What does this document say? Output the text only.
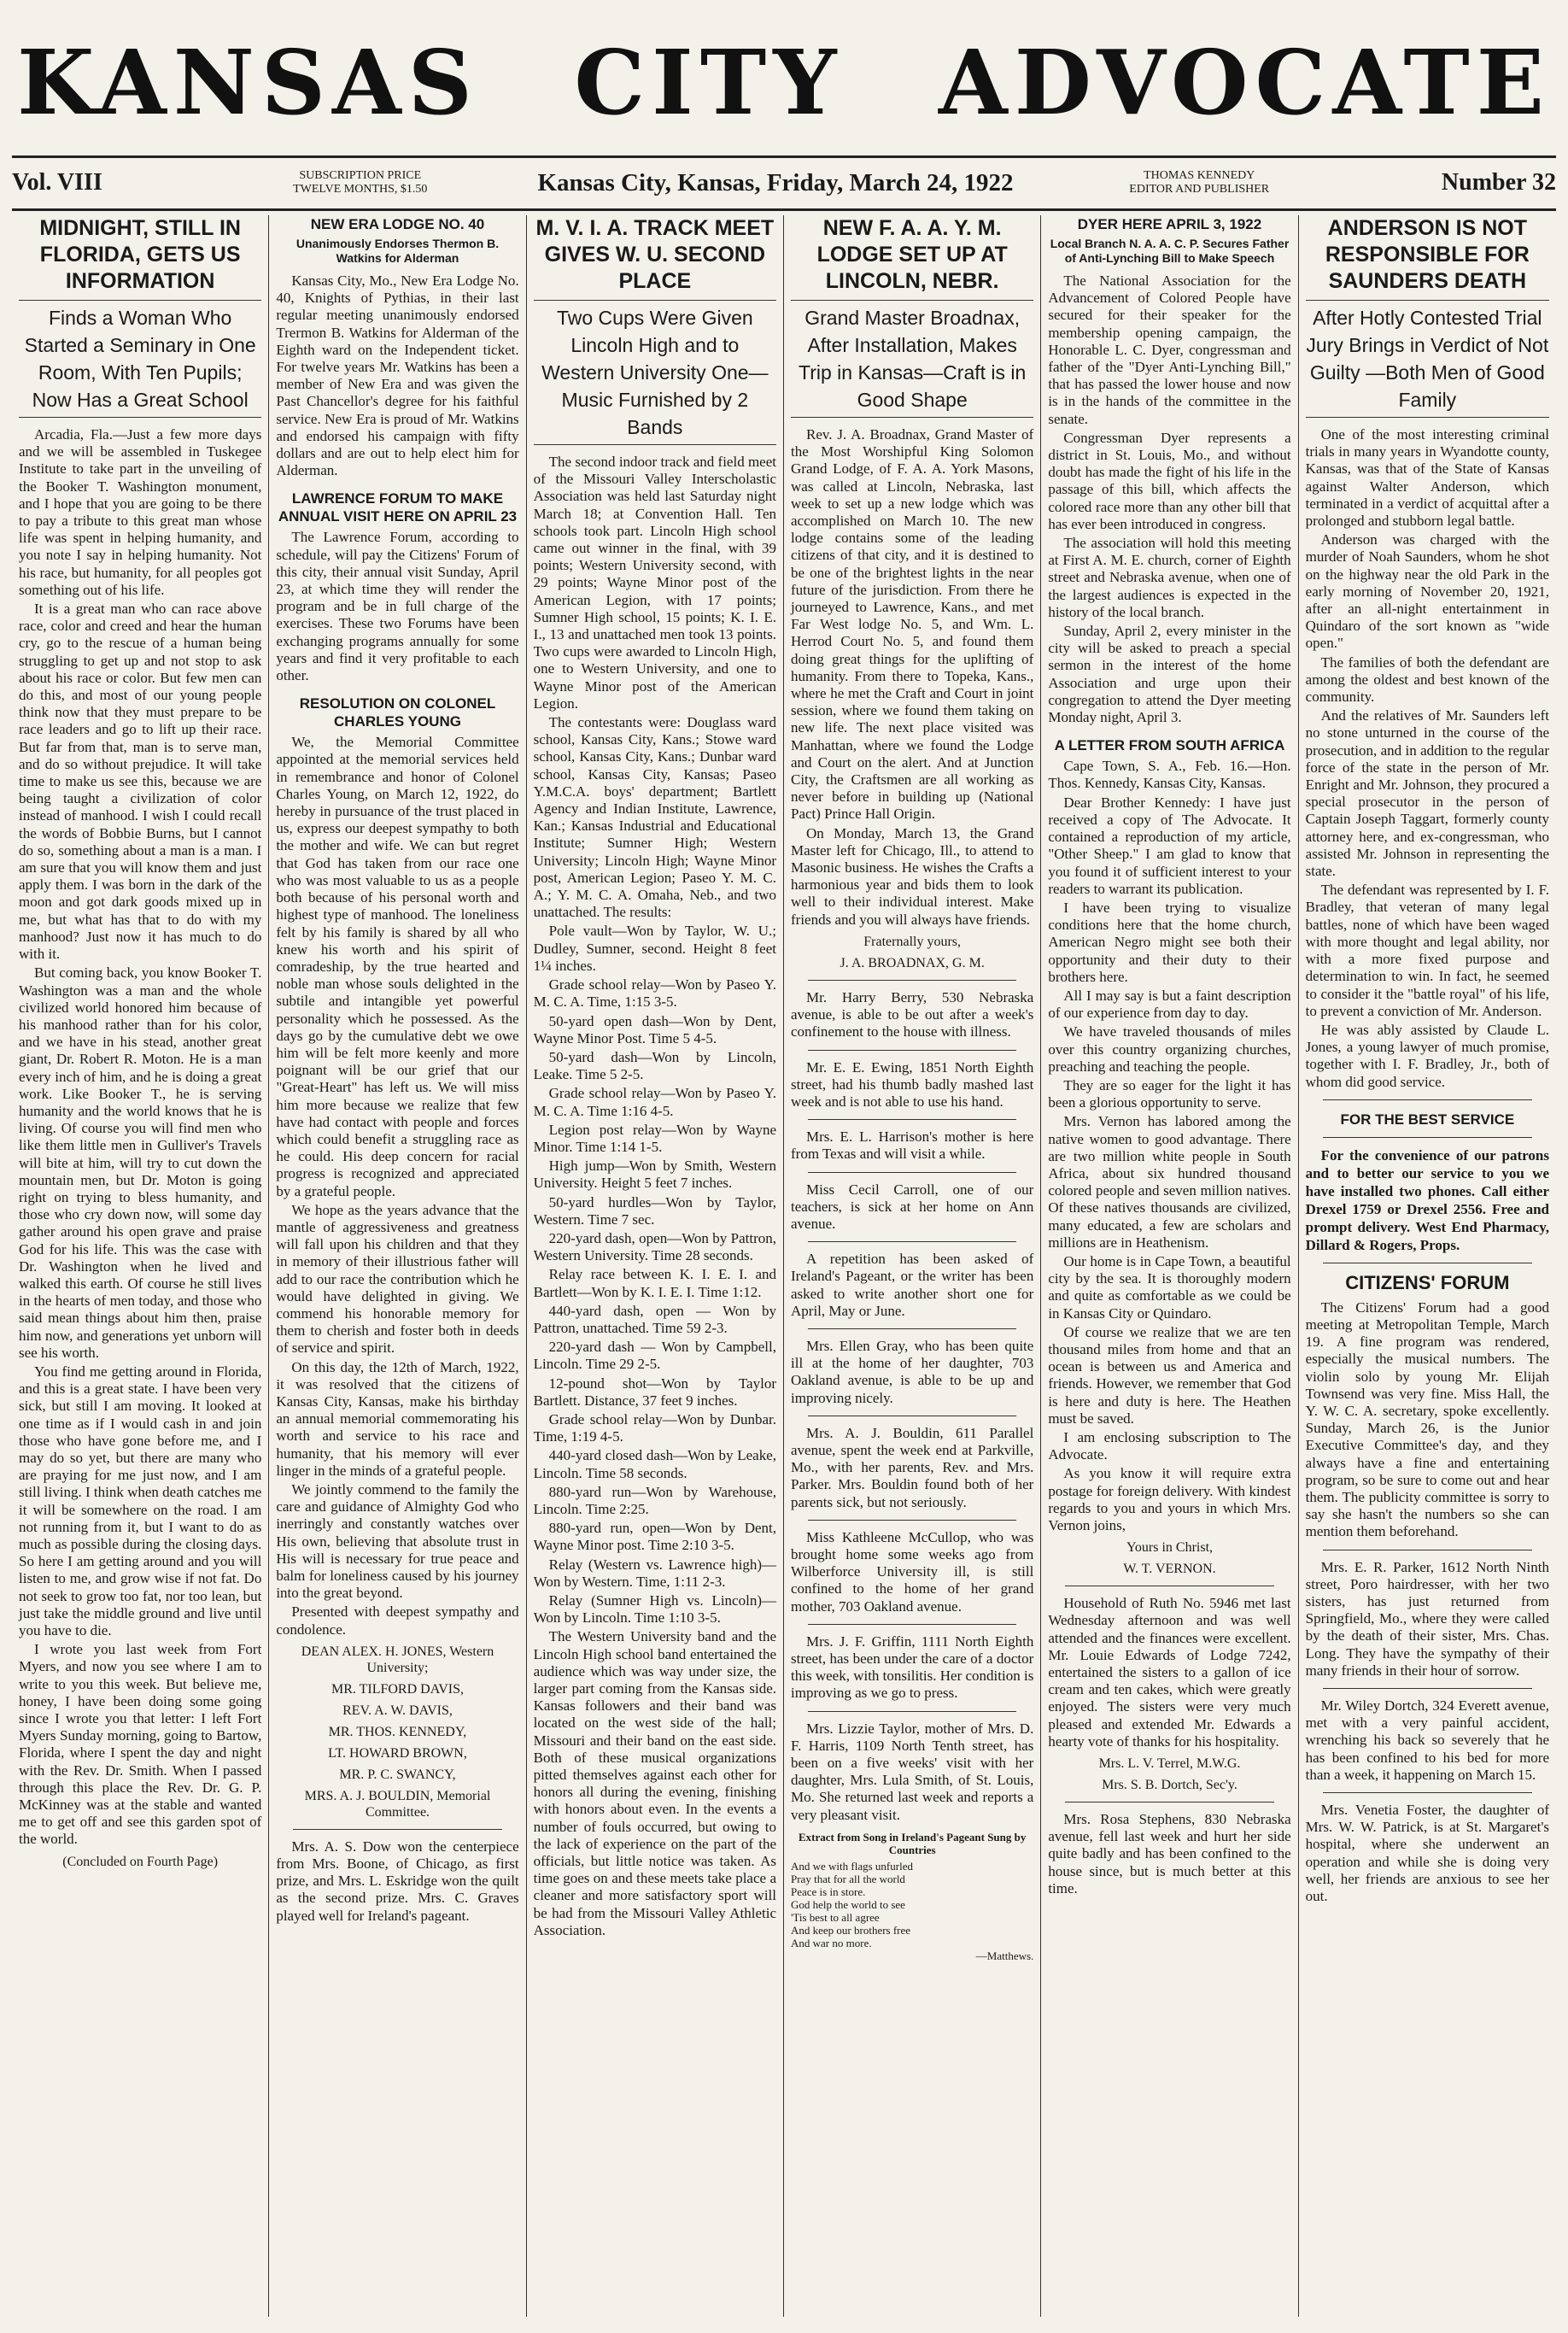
KANSAS CITY ADVOCATE
Vol. VIII	SUBSCRIPTION PRICE
TWELVE MONTHS, $1.50	Kansas City, Kansas, Friday, March 24, 1922	THOMAS KENNEDY
EDITOR AND PUBLISHER	Number 32
MIDNIGHT, STILL IN FLORIDA, GETS US INFORMATION
Finds a Woman Who Started a Seminary in One Room, With Ten Pupils; Now Has a Great School

Arcadia, Fla.—Just a few more days and we will be assembled in Tuskegee Institute to take part in the unveiling of the Booker T. Washington monument, and I hope that you are going to be there to pay a tribute to this great man whose life was spent in helping humanity, and you note I say in helping humanity. Not his race, but humanity, for all peoples got something out of his life.

It is a great man who can race above race, color and creed and hear the human cry, go to the rescue of a human being struggling to get up and not stop to ask about his race or color. But few men can do this, and most of our young people think now that they must prepare to be race leaders and go to lift up their race. But far from that, man is to serve man, and do so without prejudice. It will take time to make us see this, because we are being taught a civilization of color instead of manhood. I wish I could recall the words of Bobbie Burns, but I cannot do so, something about a man is a man. I am sure that you will know them and just apply them. I was born in the dark of the moon and got dark goods mixed up in me, but what has that to do with my manhood? Just now it has much to do with it.

But coming back, you know Booker T. Washington was a man and the whole civilized world honored him because of his manhood rather than for his color, and we have in his stead, another great giant, Dr. Robert R. Moton. He is a man every inch of him, and he is doing a great work. Like Booker T., he is serving humanity and the world knows that he is living. Of course you will find men who like them little men in Gulliver's Travels will bite at him, will try to cut down the mountain men, but Dr. Moton is going right on trying to bless humanity, and those who cry down now, will some day gather around his open grave and praise God for his life. This was the case with Dr. Washington when he lived and walked this earth. Of course he still lives in the hearts of men today, and those who said mean things about him then, praise him now, and generations yet unborn will see his worth.

You find me getting around in Florida, and this is a great state. I have been very sick, but still I am moving. It looked at one time as if I would cash in and join those who have gone before me, and I may do so yet, but there are many who are praying for me just now, and I am still living. I think when death catches me it will be somewhere on the road. I am not running from it, but I want to do as much as possible during the closing days. So here I am getting around and you will listen to me, and grow wise if not fat. Do not seek to grow too fat, nor too lean, but just take the middle ground and live until you have to die.

I wrote you last week from Fort Myers, and now you see where I am to write to you this week. But believe me, honey, I have been doing some going since I wrote you that letter: I left Fort Myers Sunday morning, going to Bartow, Florida, where I spent the day and night with the Rev. Dr. Smith. When I passed through this place the Rev. Dr. G. P. McKinney was at the stable and wanted me to get off and see this garden spot of the world.

(Concluded on Fourth Page)
NEW ERA LODGE NO. 40
Unanimously Endorses Thermon B. Watkins for Alderman

Kansas City, Mo., New Era Lodge No. 40, Knights of Pythias, in their last regular meeting unanimously endorsed Trermon B. Watkins for Alderman of the Eighth ward on the Independent ticket. For twelve years Mr. Watkins has been a member of New Era and was given the Past Chancellor's degree for his faithful service. New Era is proud of Mr. Watkins and endorsed his campaign with fifty dollars and are out to help elect him for Alderman.

LAWRENCE FORUM TO MAKE ANNUAL VISIT HERE ON APRIL 23

The Lawrence Forum, according to schedule, will pay the Citizens' Forum of this city, their annual visit Sunday, April 23, at which time they will render the program and be in full charge of the exercises. These two Forums have been exchanging programs annually for some years and find it very profitable to each other.

RESOLUTION ON COLONEL CHARLES YOUNG

We, the Memorial Committee appointed at the memorial services held in remembrance and honor of Colonel Charles Young, on March 12, 1922, do hereby in pursuance of the trust placed in us, express our deepest sympathy to both the mother and wife. We can but regret that God has taken from our race one who was most valuable to us as a people both because of his personal worth and highest type of manhood. The loneliness felt by his family is shared by all who knew his worth and his spirit of comradeship, by the true hearted and noble man whose souls delighted in the subtile and intangible yet powerful personality which he possessed. As the days go by the cumulative debt we owe him will be felt more keenly and more poignant will be our grief that our "Great-Heart" has left us. We will miss him more because we realize that few have had contact with people and forces which could benefit a struggling race as he could. His deep concern for racial progress is recognized and appreciated by a grateful people.

We hope as the years advance that the mantle of aggressiveness and greatness will fall upon his children and that they in memory of their illustrious father will add to our race the contribution which he would have delighted in giving. We commend his honorable memory for them to cherish and foster both in deeds of service and spirit.

On this day, the 12th of March, 1922, it was resolved that the citizens of Kansas City, Kansas, make his birthday an annual memorial commemorating his worth and service to his race and humanity, that his memory will ever linger in the minds of a grateful people.

We jointly commend to the family the care and guidance of Almighty God who inerringly and constantly watches over His own, believing that absolute trust in His will is necessary for true peace and balm for loneliness caused by his journey into the great beyond.

Presented with deepest sympathy and condolence.

DEAN ALEX. H. JONES, Western University;
MR. TILFORD DAVIS,
REV. A. W. DAVIS,
MR. THOS. KENNEDY,
LT. HOWARD BROWN,
MR. P. C. SWANCY,
MRS. A. J. BOULDIN, Memorial Committee.

Mrs. A. S. Dow won the centerpiece from Mrs. Boone, of Chicago, as first prize, and Mrs. L. Eskridge won the quilt as the second prize. Mrs. C. Graves played well for Ireland's pageant.

M. V. I. A. TRACK MEET GIVES W. U. SECOND PLACE
Two Cups Were Given Lincoln High and to Western University One—Music Furnished by 2 Bands

The second indoor track and field meet of the Missouri Valley Interscholastic Association was held last Saturday night March 18; at Convention Hall. Ten schools took part. Lincoln High school came out winner in the final, with 39 points; Western University second, with 29 points; Wayne Minor post of the American Legion, with 17 points; Sumner High school, 15 points; K. I. E. I., 13 and unattached men took 13 points. Two cups were awarded to Lincoln High, one to Western University, and one to Wayne Minor post of the American Legion.

The contestants were: Douglass ward school, Kansas City, Kans.; Stowe ward school, Kansas City, Kans.; Dunbar ward school, Kansas City, Kansas; Paseo Y.M.C.A. boys' department; Bartlett Agency and Indian Institute, Lawrence, Kan.; Kansas Industrial and Educational Institute; Sumner High; Western University; Lincoln High; Wayne Minor post, American Legion; Paseo Y. M. C. A.; Y. M. C. A. Omaha, Neb., and two unattached. The results:

Pole vault—Won by Taylor, W. U.; Dudley, Sumner, second. Height 8 feet 1¼ inches.

Grade school relay—Won by Paseo Y. M. C. A. Time, 1:15 3-5.

50-yard open dash—Won by Dent, Wayne Minor Post. Time 5 4-5.

50-yard dash—Won by Lincoln, Leake. Time 5 2-5.

Grade school relay—Won by Paseo Y. M. C. A. Time 1:16 4-5.

Legion post relay—Won by Wayne Minor. Time 1:14 1-5.

High jump—Won by Smith, Western University. Height 5 feet 7 inches.

50-yard hurdles—Won by Taylor, Western. Time 7 sec.

220-yard dash, open—Won by Pattron, Western University. Time 28 seconds.

Relay race between K. I. E. I. and Bartlett—Won by K. I. E. I. Time 1:12.

440-yard dash, open — Won by Pattron, unattached. Time 59 2-3.

220-yard dash — Won by Campbell, Lincoln. Time 29 2-5.

12-pound shot—Won by Taylor Bartlett. Distance, 37 feet 9 inches.

Grade school relay—Won by Dunbar. Time, 1:19 4-5.

440-yard closed dash—Won by Leake, Lincoln. Time 58 seconds.

880-yard run—Won by Warehouse, Lincoln. Time 2:25.

880-yard run, open—Won by Dent, Wayne Minor post. Time 2:10 3-5.

Relay (Western vs. Lawrence high)—Won by Western. Time, 1:11 2-3.

Relay (Sumner High vs. Lincoln)—Won by Lincoln. Time 1:10 3-5.

The Western University band and the Lincoln High school band entertained the audience which was way under size, the larger part coming from the Kansas side. Kansas followers and their band was located on the west side of the hall; Missouri and their band on the east side. Both of these musical organizations pitted themselves against each other for honors all during the evening, finishing with honors about even. In the events a number of fouls occurred, but owing to the lack of experience on the part of the officials, but little notice was taken. As time goes on and these meets take place a cleaner and more satisfactory sport will be had from the Missouri Valley Athletic Association.

NEW F. A. A. Y. M. LODGE SET UP AT LINCOLN, NEBR.
Grand Master Broadnax, After Installation, Makes Trip in Kansas—Craft is in Good Shape

Rev. J. A. Broadnax, Grand Master of the Most Worshipful King Solomon Grand Lodge, of F. A. A. York Masons, was called at Lincoln, Nebraska, last week to set up a new lodge which was accomplished on March 10. The new lodge contains some of the leading citizens of that city, and it is destined to be one of the brightest lights in the near future of the jurisdiction. From there he journeyed to Lawrence, Kans., and met Far West lodge No. 5, and Wm. L. Herrod Court No. 5, and found them doing great things for the uplifting of humanity. From there to Topeka, Kans., where he met the Craft and Court in joint session, where we found them taking on new life. The next place visited was Manhattan, where we found the Lodge and Court on the alert. And at Junction City, the Craftsmen are all working as never before in building up (National Pact) Prince Hall Origin.

On Monday, March 13, the Grand Master left for Chicago, Ill., to attend to Masonic business. He wishes the Crafts a harmonious year and bids them to look well to their individual interest. Make friends and you will always have friends.

Fraternally yours,
J. A. BROADNAX, G. M.

Mr. Harry Berry, 530 Nebraska avenue, is able to be out after a week's confinement to the house with illness.

Mr. E. E. Ewing, 1851 North Eighth street, had his thumb badly mashed last week and is not able to use his hand.

Mrs. E. L. Harrison's mother is here from Texas and will visit a while.

Miss Cecil Carroll, one of our teachers, is sick at her home on Ann avenue.

A repetition has been asked of Ireland's Pageant, or the writer has been asked to write another short one for April, May or June.

Mrs. Ellen Gray, who has been quite ill at the home of her daughter, 703 Oakland avenue, is able to be up and improving nicely.

Mrs. A. J. Bouldin, 611 Parallel avenue, spent the week end at Parkville, Mo., with her parents, Rev. and Mrs. Parker. Mrs. Bouldin found both of her parents sick, but not seriously.

Miss Kathleene McCullop, who was brought home some weeks ago from Wilberforce University ill, is still confined to the home of her grand mother, 703 Oakland avenue.

Mrs. J. F. Griffin, 1111 North Eighth street, has been under the care of a doctor this week, with tonsilitis. Her condition is improving as we go to press.

Mrs. Lizzie Taylor, mother of Mrs. D. F. Harris, 1109 North Tenth street, has been on a five weeks' visit with her daughter, Mrs. Lula Smith, of St. Louis, Mo. She returned last week and reports a very pleasant visit.

Extract from Song in Ireland's Pageant Sung by Countries
And we with flags unfurled
Pray that for all the world
Peace is in store.
God help the world to see
'Tis best to all agree
And keep our brothers free
And war no more.
—Matthews.
DYER HERE APRIL 3, 1922
Local Branch N. A. A. C. P. Secures Father of Anti-Lynching Bill to Make Speech

The National Association for the Advancement of Colored People have secured for their speaker for the membership opening campaign, the Honorable L. C. Dyer, congressman and father of the "Dyer Anti-Lynching Bill," that has passed the lower house and now is in the hands of the committee in the senate.

Congressman Dyer represents a district in St. Louis, Mo., and without doubt has made the fight of his life in the passage of this bill, which affects the colored race more than any other bill that has ever been introduced in congress.

The association will hold this meeting at First A. M. E. church, corner of Eighth street and Nebraska avenue, when one of the largest audiences is expected in the history of the local branch.

Sunday, April 2, every minister in the city will be asked to preach a special sermon in the interest of the home Association and urge upon their congregation to attend the Dyer meeting Monday night, April 3.

A LETTER FROM SOUTH AFRICA

Cape Town, S. A., Feb. 16.—Hon. Thos. Kennedy, Kansas City, Kansas.

Dear Brother Kennedy: I have just received a copy of The Advocate. It contained a reproduction of my article, "Other Sheep." I am glad to know that you found it of sufficient interest to your readers to warrant its publication.

I have been trying to visualize conditions here that the home church, American Negro might see both their opportunity and their duty to their brothers here.

All I may say is but a faint description of our experience from day to day.

We have traveled thousands of miles over this country organizing churches, preaching and teaching the people.

They are so eager for the light it has been a glorious opportunity to serve.

Mrs. Vernon has labored among the native women to good advantage. There are two million white people in South Africa, about six hundred thousand colored people and seven million natives. Of these natives thousands are civilized, many educated, a few are scholars and millions are in Heathenism.

Our home is in Cape Town, a beautiful city by the sea. It is thoroughly modern and quite as comfortable as we could be in Kansas City or Quindaro.

Of course we realize that we are ten thousand miles from home and that an ocean is between us and America and friends. However, we remember that God is here and duty is here. The Heathen must be saved.

I am enclosing subscription to The Advocate.

As you know it will require extra postage for foreign delivery. With kindest regards to you and yours in which Mrs. Vernon joins,

Yours in Christ,
W. T. VERNON.

Household of Ruth No. 5946 met last Wednesday afternoon and was well attended and the finances were excellent. Mr. Louie Edwards of Lodge 7242, entertained the sisters to a gallon of ice cream and ten cakes, which were greatly enjoyed. The sisters were very much pleased and extended Mr. Edwards a hearty vote of thanks for his hospitality.

Mrs. L. V. Terrel, M.W.G.
Mrs. S. B. Dortch, Sec'y.

Mrs. Rosa Stephens, 830 Nebraska avenue, fell last week and hurt her side quite badly and has been confined to the house since, but is much better at this time.

ANDERSON IS NOT RESPONSIBLE FOR SAUNDERS DEATH
After Hotly Contested Trial Jury Brings in Verdict of Not Guilty —Both Men of Good Family

One of the most interesting criminal trials in many years in Wyandotte county, Kansas, was that of the State of Kansas against Walter Anderson, which terminated in a verdict of acquittal after a prolonged and stubborn legal battle.

Anderson was charged with the murder of Noah Saunders, whom he shot on the highway near the old Park in the early morning of November 20, 1921, after an all-night entertainment in Quindaro of the sort known as "wide open."

The families of both the defendant are among the oldest and best known of the community.

And the relatives of Mr. Saunders left no stone unturned in the course of the prosecution, and in addition to the regular force of the state in the person of Mr. Enright and Mr. Johnson, they procured a special prosecutor in the person of Captain Joseph Taggart, formerly county attorney here, and ex-congressman, who assisted Mr. Johnson in representing the state.

The defendant was represented by I. F. Bradley, that veteran of many legal battles, none of which have been waged with more thought and legal ability, nor with a more fixed purpose and determination to win. In fact, he seemed to consider it the "battle royal" of his life, to prevent a conviction of Mr. Anderson.

He was ably assisted by Claude L. Jones, a young lawyer of much promise, together with I. F. Bradley, Jr., both of whom did good service.

FOR THE BEST SERVICE

For the convenience of our patrons and to better our service to you we have installed two phones. Call either Drexel 1759 or Drexel 2556. Free and prompt delivery. West End Pharmacy, Dillard & Rogers, Props.

CITIZENS' FORUM

The Citizens' Forum had a good meeting at Metropolitan Temple, March 19. A fine program was rendered, especially the musical numbers. The violin solo by young Mr. Elijah Townsend was very fine. Miss Hall, the Y. W. C. A. secretary, spoke excellently. Sunday, March 26, is the Junior Executive Committee's day, and they always have a fine and entertaining program, so be sure to come out and hear them. The publicity committee is sorry to say she hasn't the numbers so she can mention them beforehand.

Mrs. E. R. Parker, 1612 North Ninth street, Poro hairdresser, with her two sisters, has just returned from Springfield, Mo., where they were called by the death of their sister, Mrs. Chas. Long. They have the sympathy of their many friends in their hour of sorrow.

Mr. Wiley Dortch, 324 Everett avenue, met with a very painful accident, wrenching his back so severely that he has been confined to his bed for more than a week, it happening on March 15.

Mrs. Venetia Foster, the daughter of Mrs. W. W. Patrick, is at St. Margaret's hospital, where she underwent an operation and while she is doing very well, her friends are anxious to see her out.
